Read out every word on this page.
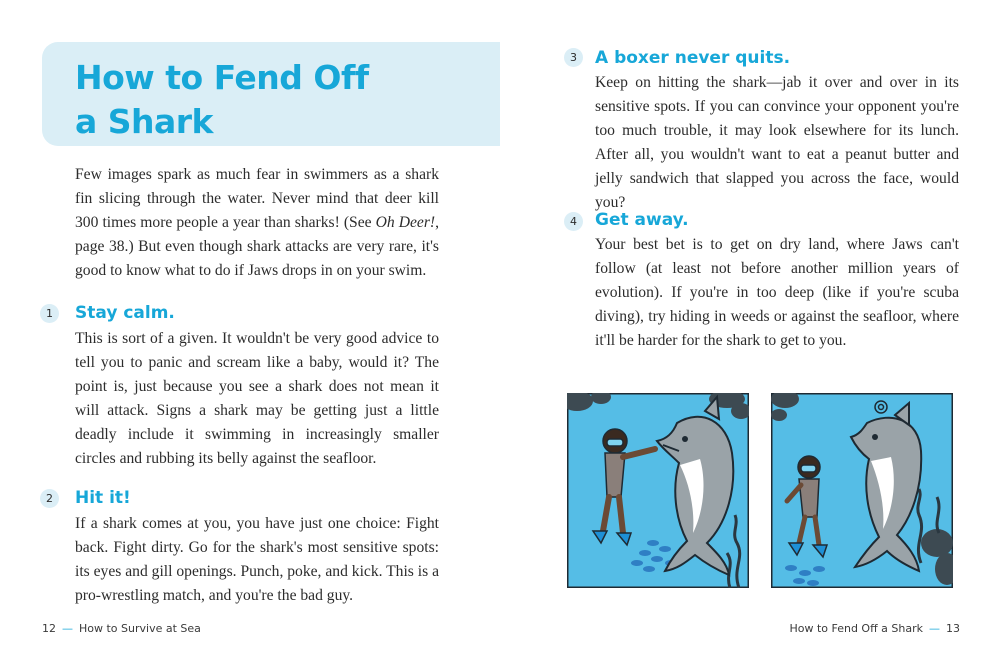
How to Fend Off
a Shark

Few images spark as much fear in swimmers as a shark fin slicing through the water. Never mind that deer kill 300 times more people a year than sharks! (See Oh Deer!, page 38.) But even though shark attacks are very rare, it's good to know what to do if Jaws drops in on your swim.

1	Stay calm.

This is sort of a given. It wouldn't be very good advice to tell you to panic and scream like a baby, would it? The point is, just because you see a shark does not mean it will attack. Signs a shark may be getting just a little deadly include it swimming in increasingly smaller circles and rubbing its belly against the seafloor.

2	Hit it!

If a shark comes at you, you have just one choice: Fight back. Fight dirty. Go for the shark's most sensitive spots: its eyes and gill openings. Punch, poke, and kick. This is a pro-wrestling match, and you're the bad guy.

12 — How to Survive at Sea
3	A boxer never quits.

Keep on hitting the shark—jab it over and over in its sensitive spots. If you can convince your opponent you're too much trouble, it may look elsewhere for its lunch. After all, you wouldn't want to eat a peanut butter and jelly sandwich that slapped you across the face, would you?

4	Get away.

Your best bet is to get on dry land, where Jaws can't follow (at least not before another million years of evolution). If you're in too deep (like if you're scuba diving), try hiding in weeds or against the seafloor, where it'll be harder for the shark to get to you.

How to Fend Off a Shark — 13
